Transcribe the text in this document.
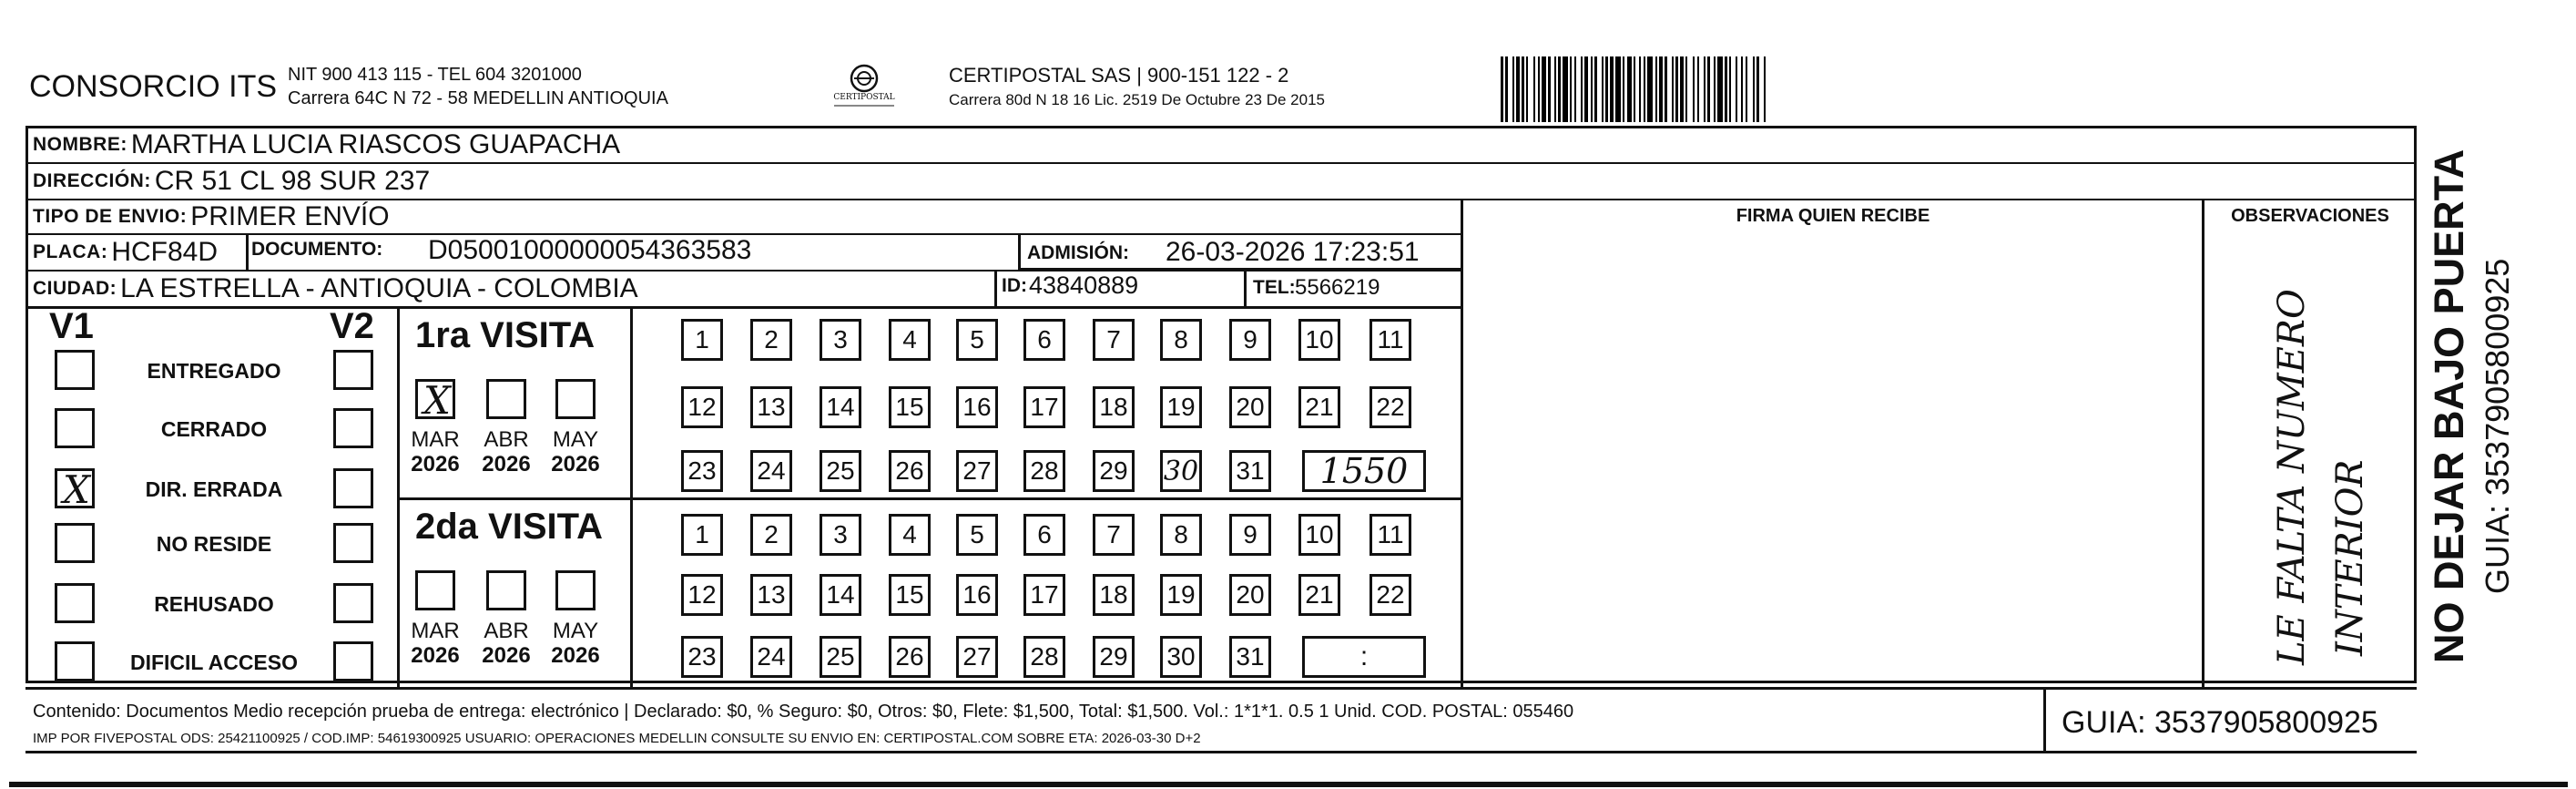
CONSORCIO ITS NIT 900 413 115 - TEL 604 3201000
Carrera 64C N 72 - 58 MEDELLIN ANTIOQUIA	CERTIPOSTAL
CERTIPOSTAL SAS | 900-151 122 - 2
Carrera 80d N 18 16 Lic. 2519 De Octubre 23 De 2015
NOMBRE: MARTHA LUCIA RIASCOS GUAPACHA
DIRECCIÓN: CR 51 CL 98 SUR 237
TIPO DE ENVIO: PRIMER ENVÍO	FIRMA QUIEN RECIBE	OBSERVACIONES
PLACA: HCF84D DOCUMENTO: D05001000000054363583	ADMISIÓN: 26-03-2026 17:23:51
CIUDAD: LA ESTRELLA - ANTIOQUIA - COLOMBIA	ID: 43840889	TEL: 5566219
V1	V2
ENTREGADO
CERRADO
X	DIR. ERRADA
NO RESIDE
REHUSADO
DIFICIL ACCESO
1ra VISITA
2da VISITA
X
MAR
2026
ABR
2026
MAY
2026
MAR
2026
ABR
2026
MAY
2026
1	2	3	4	5	6	7	8	9	10	11
12 13 14 15 16 17 18 19 20 21 22
23 24 25 26 27 28 29 30 31 1550
1	2	3	4	5	6	7	8	9	10	11
12 13 14 15 16 17 18 19 20 21 22
23 24 25 26 27 28 29 30 31	:	LE FALTA NUMERO INTERIOR NO DEJAR BAJO PUERTA GUIA: 3537905800925
Contenido: Documentos Medio recepción prueba de entrega: electrónico | Declarado: $0, % Seguro: $0, Otros: $0, Flete: $1,500, Total: $1,500. Vol.: 1*1*1. 0.5 1 Unid. COD. POSTAL: 055460
IMP POR FIVEPOSTAL ODS: 25421100925 / COD.IMP: 54619300925 USUARIO: OPERACIONES MEDELLIN CONSULTE SU ENVIO EN: CERTIPOSTAL.COM SOBRE ETA: 2026-03-30 D+2	GUIA: 3537905800925
